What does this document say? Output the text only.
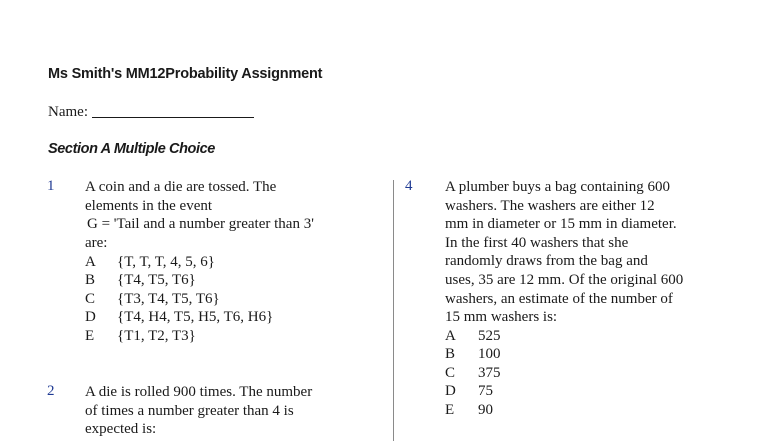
Ms Smith's MM12Probability Assignment
Name:
Section A Multiple Choice
1 A coin and a die are tossed. The
elements in the event
G = 'Tail and a number greater than 3'
are:
A	{T, T, T, 4, 5, 6}
B	{T4, T5, T6}
C	{T3, T4, T5, T6}
D	{T4, H4, T5, H5, T6, H6}
E	{T1, T2, T3}
2 A die is rolled 900 times. The number
of times a number greater than 4 is
expected is:
4 A plumber buys a bag containing 600
washers. The washers are either 12
mm in diameter or 15 mm in diameter.
In the first 40 washers that she
randomly draws from the bag and
uses, 35 are 12 mm. Of the original 600
washers, an estimate of the number of
15 mm washers is:
A	525
B	100
C	375
D	75
E	90
